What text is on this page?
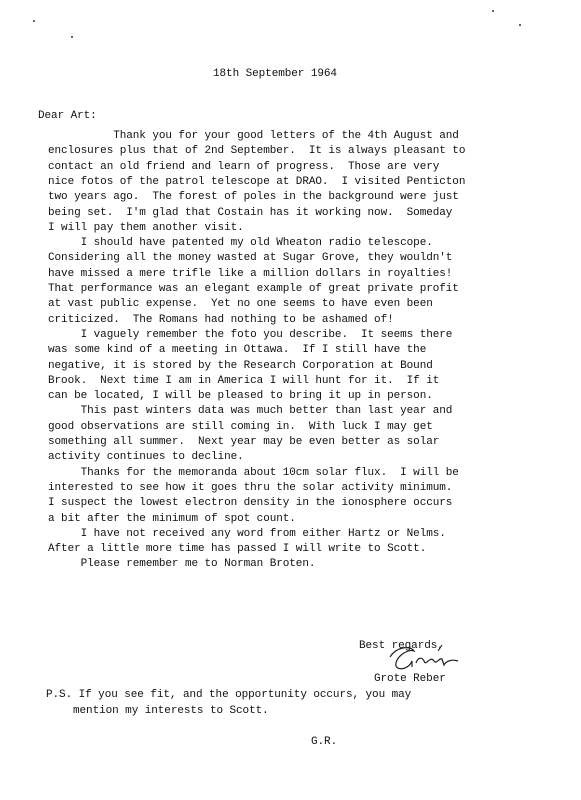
18th September 1964
Dear Art:
Thank you for your good letters of the 4th August and
enclosures plus that of 2nd September.  It is always pleasant to
contact an old friend and learn of progress.  Those are very
nice fotos of the patrol telescope at DRAO.  I visited Penticton
two years ago.  The forest of poles in the background were just
being set.  I'm glad that Costain has it working now.  Someday
I will pay them another visit.
I should have patented my old Wheaton radio telescope.
Considering all the money wasted at Sugar Grove, they wouldn't
have missed a mere trifle like a million dollars in royalties!
That performance was an elegant example of great private profit
at vast public expense.  Yet no one seems to have even been
criticized.  The Romans had nothing to be ashamed of!
I vaguely remember the foto you describe.  It seems there
was some kind of a meeting in Ottawa.  If I still have the
negative, it is stored by the Research Corporation at Bound
Brook.  Next time I am in America I will hunt for it.  If it
can be located, I will be pleased to bring it up in person.
This past winters data was much better than last year and
good observations are still coming in.  With luck I may get
something all summer.  Next year may be even better as solar
activity continues to decline.
Thanks for the memoranda about 10cm solar flux.  I will be
interested to see how it goes thru the solar activity minimum.
I suspect the lowest electron density in the ionosphere occurs
a bit after the minimum of spot count.
I have not received any word from either Hartz or Nelms.
After a little more time has passed I will write to Scott.
Please remember me to Norman Broten.
Best regards,
Grote Reber
P.S. If you see fit, and the opportunity occurs, you may
mention my interests to Scott.
G.R.
